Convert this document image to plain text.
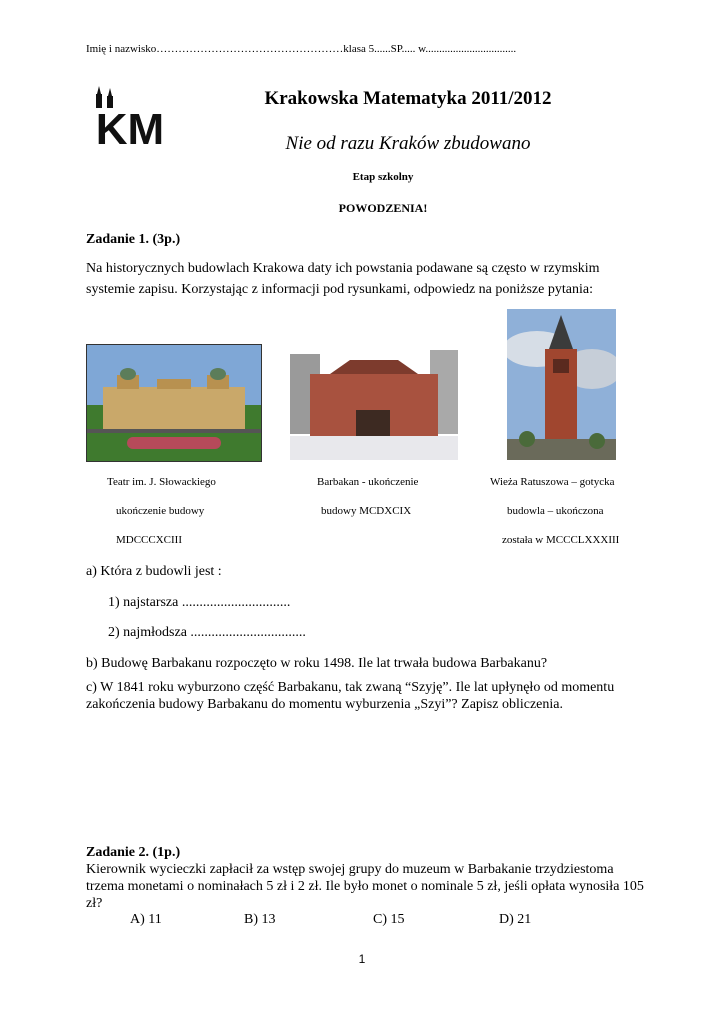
Imię i nazwisko……………………………………………klasa 5......SP..... w.................................
KM
Krakowska Matematyka 2011/2012
Nie od razu Kraków zbudowano
Etap szkolny
POWODZENIA!
Zadanie 1. (3p.)
Na historycznych budowlach Krakowa daty ich powstania podawane są często w rzymskim systemie zapisu. Korzystając z informacji pod rysunkami, odpowiedz na poniższe pytania:
Teatr im. J. Słowackiego
ukończenie budowy
MDCCCXCIII
Barbakan - ukończenie
budowy MCDXCIX
Wieża Ratuszowa – gotycka
budowla – ukończona
została w MCCCLXXXIII
a) Która z budowli jest :
1) najstarsza ...............................
2) najmłodsza .................................
b) Budowę Barbakanu rozpoczęto w roku 1498. Ile lat trwała budowa Barbakanu?
c) W 1841 roku wyburzono część Barbakanu, tak zwaną “Szyję”. Ile lat upłynęło od momentu zakończenia budowy Barbakanu do momentu wyburzenia „Szyi”? Zapisz obliczenia.
Zadanie 2. (1p.)
Kierownik wycieczki zapłacił za wstęp swojej grupy do muzeum w Barbakanie trzydziestoma trzema monetami o nominałach 5 zł i 2 zł. Ile było monet o nominale 5 zł, jeśli opłata wynosiła 105 zł?
A) 11	B) 13	C) 15	D) 21
1
